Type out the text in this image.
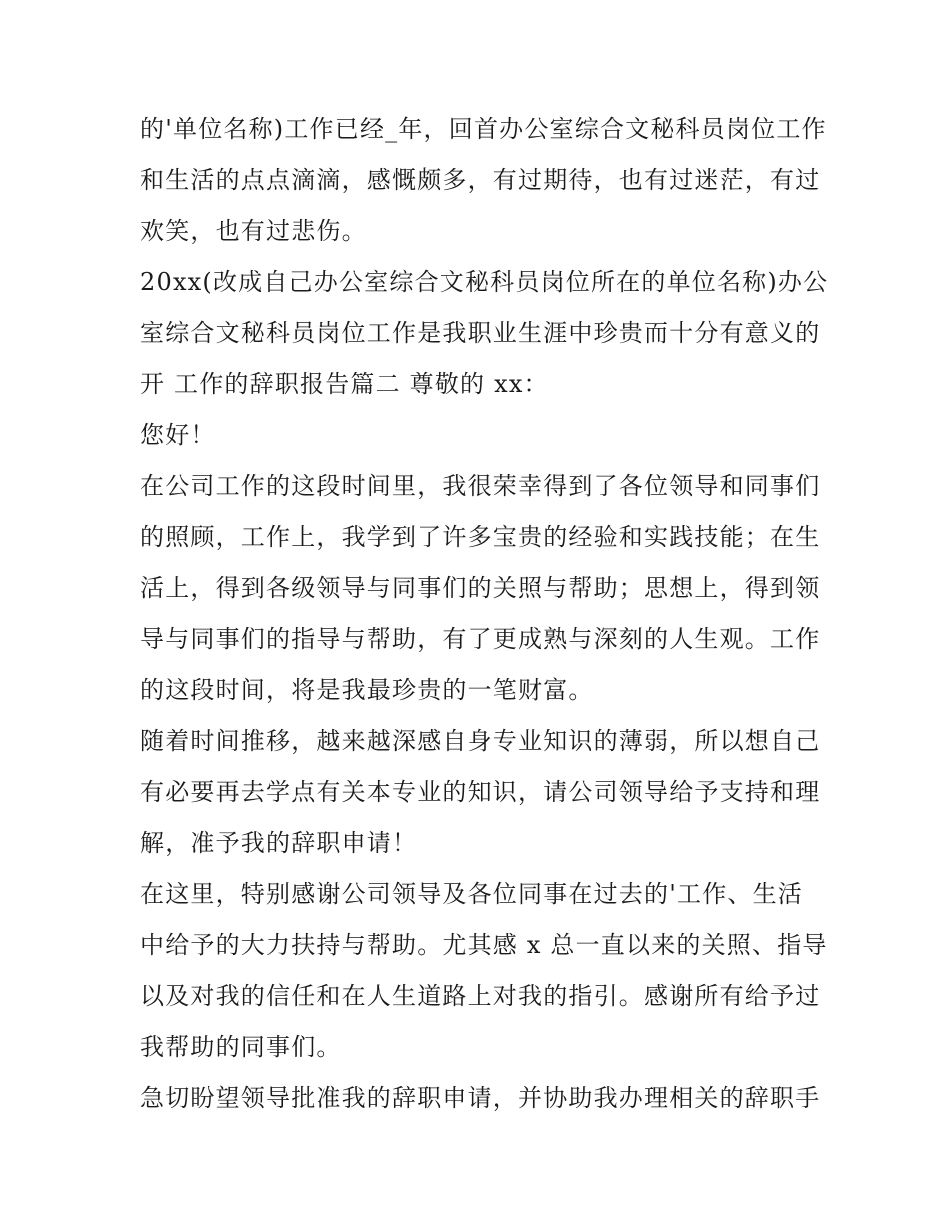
的'单位名称)工作已经_年，回首办公室综合文秘科员岗位工作
和生活的点点滴滴，感慨颇多，有过期待，也有过迷茫，有过
欢笑，也有过悲伤。
20xx(改成自己办公室综合文秘科员岗位所在的单位名称)办公
室综合文秘科员岗位工作是我职业生涯中珍贵而十分有意义的
开 工作的辞职报告篇二 尊敬的 xx：
您好！
在公司工作的这段时间里，我很荣幸得到了各位领导和同事们
的照顾，工作上，我学到了许多宝贵的经验和实践技能；在生
活上，得到各级领导与同事们的关照与帮助；思想上，得到领
导与同事们的指导与帮助，有了更成熟与深刻的人生观。工作
的这段时间，将是我最珍贵的一笔财富。
随着时间推移，越来越深感自身专业知识的薄弱，所以想自己
有必要再去学点有关本专业的知识，请公司领导给予支持和理
解，准予我的辞职申请！
在这里，特别感谢公司领导及各位同事在过去的'工作、生活
中给予的大力扶持与帮助。尤其感 x 总一直以来的关照、指导
以及对我的信任和在人生道路上对我的指引。感谢所有给予过
我帮助的同事们。
急切盼望领导批准我的辞职申请，并协助我办理相关的辞职手
